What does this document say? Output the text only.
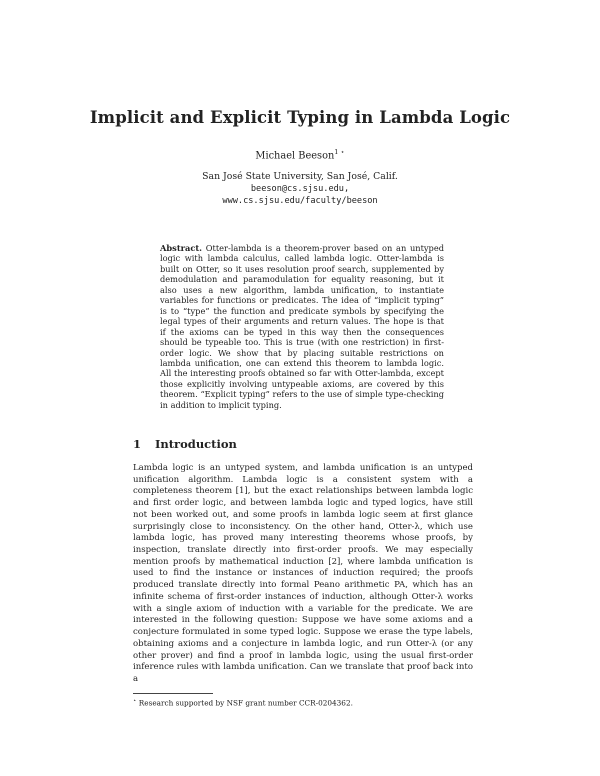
Implicit and Explicit Typing in Lambda Logic
Michael Beeson$^{1 ⋆}$
San José State University, San José, Calif.
beeson@cs.sjsu.edu,
www.cs.sjsu.edu/faculty/beeson
Abstract. Otter-lambda is a theorem-prover based on an untyped logic with lambda calculus, called lambda logic. Otter-lambda is built on Otter, so it uses resolution proof search, supplemented by demodulation and paramodulation for equality reasoning, but it also uses a new algorithm, lambda unification, to instantiate variables for functions or predicates. The idea of “implicit typing” is to “type” the function and predicate symbols by specifying the legal types of their arguments and return values. The hope is that if the axioms can be typed in this way then the consequences should be typeable too. This is true (with one restriction) in first-order logic. We show that by placing suitable restrictions on lambda unification, one can extend this theorem to lambda logic. All the interesting proofs obtained so far with Otter-lambda, except those explicitly involving untypeable axioms, are covered by this theorem. “Explicit typing” refers to the use of simple type-checking in addition to implicit typing.
1 Introduction
Lambda logic is an untyped system, and lambda unification is an untyped unification algorithm. Lambda logic is a consistent system with a completeness theorem [1], but the exact relationships between lambda logic and first order logic, and between lambda logic and typed logics, have still not been worked out, and some proofs in lambda logic seem at first glance surprisingly close to inconsistency. On the other hand, Otter-λ, which use lambda logic, has proved many interesting theorems whose proofs, by inspection, translate directly into first-order proofs. We may especially mention proofs by mathematical induction [2], where lambda unification is used to find the instance or instances of induction required; the proofs produced translate directly into formal Peano arithmetic PA, which has an infinite schema of first-order instances of induction, although Otter-λ works with a single axiom of induction with a variable for the predicate. We are interested in the following question: Suppose we have some axioms and a conjecture formulated in some typed logic. Suppose we erase the type labels, obtaining axioms and a conjecture in lambda logic, and run Otter-λ (or any other prover) and find a proof in lambda logic, using the usual first-order inference rules with lambda unification. Can we translate that proof back into a
⋆ Research supported by NSF grant number CCR-0204362.
